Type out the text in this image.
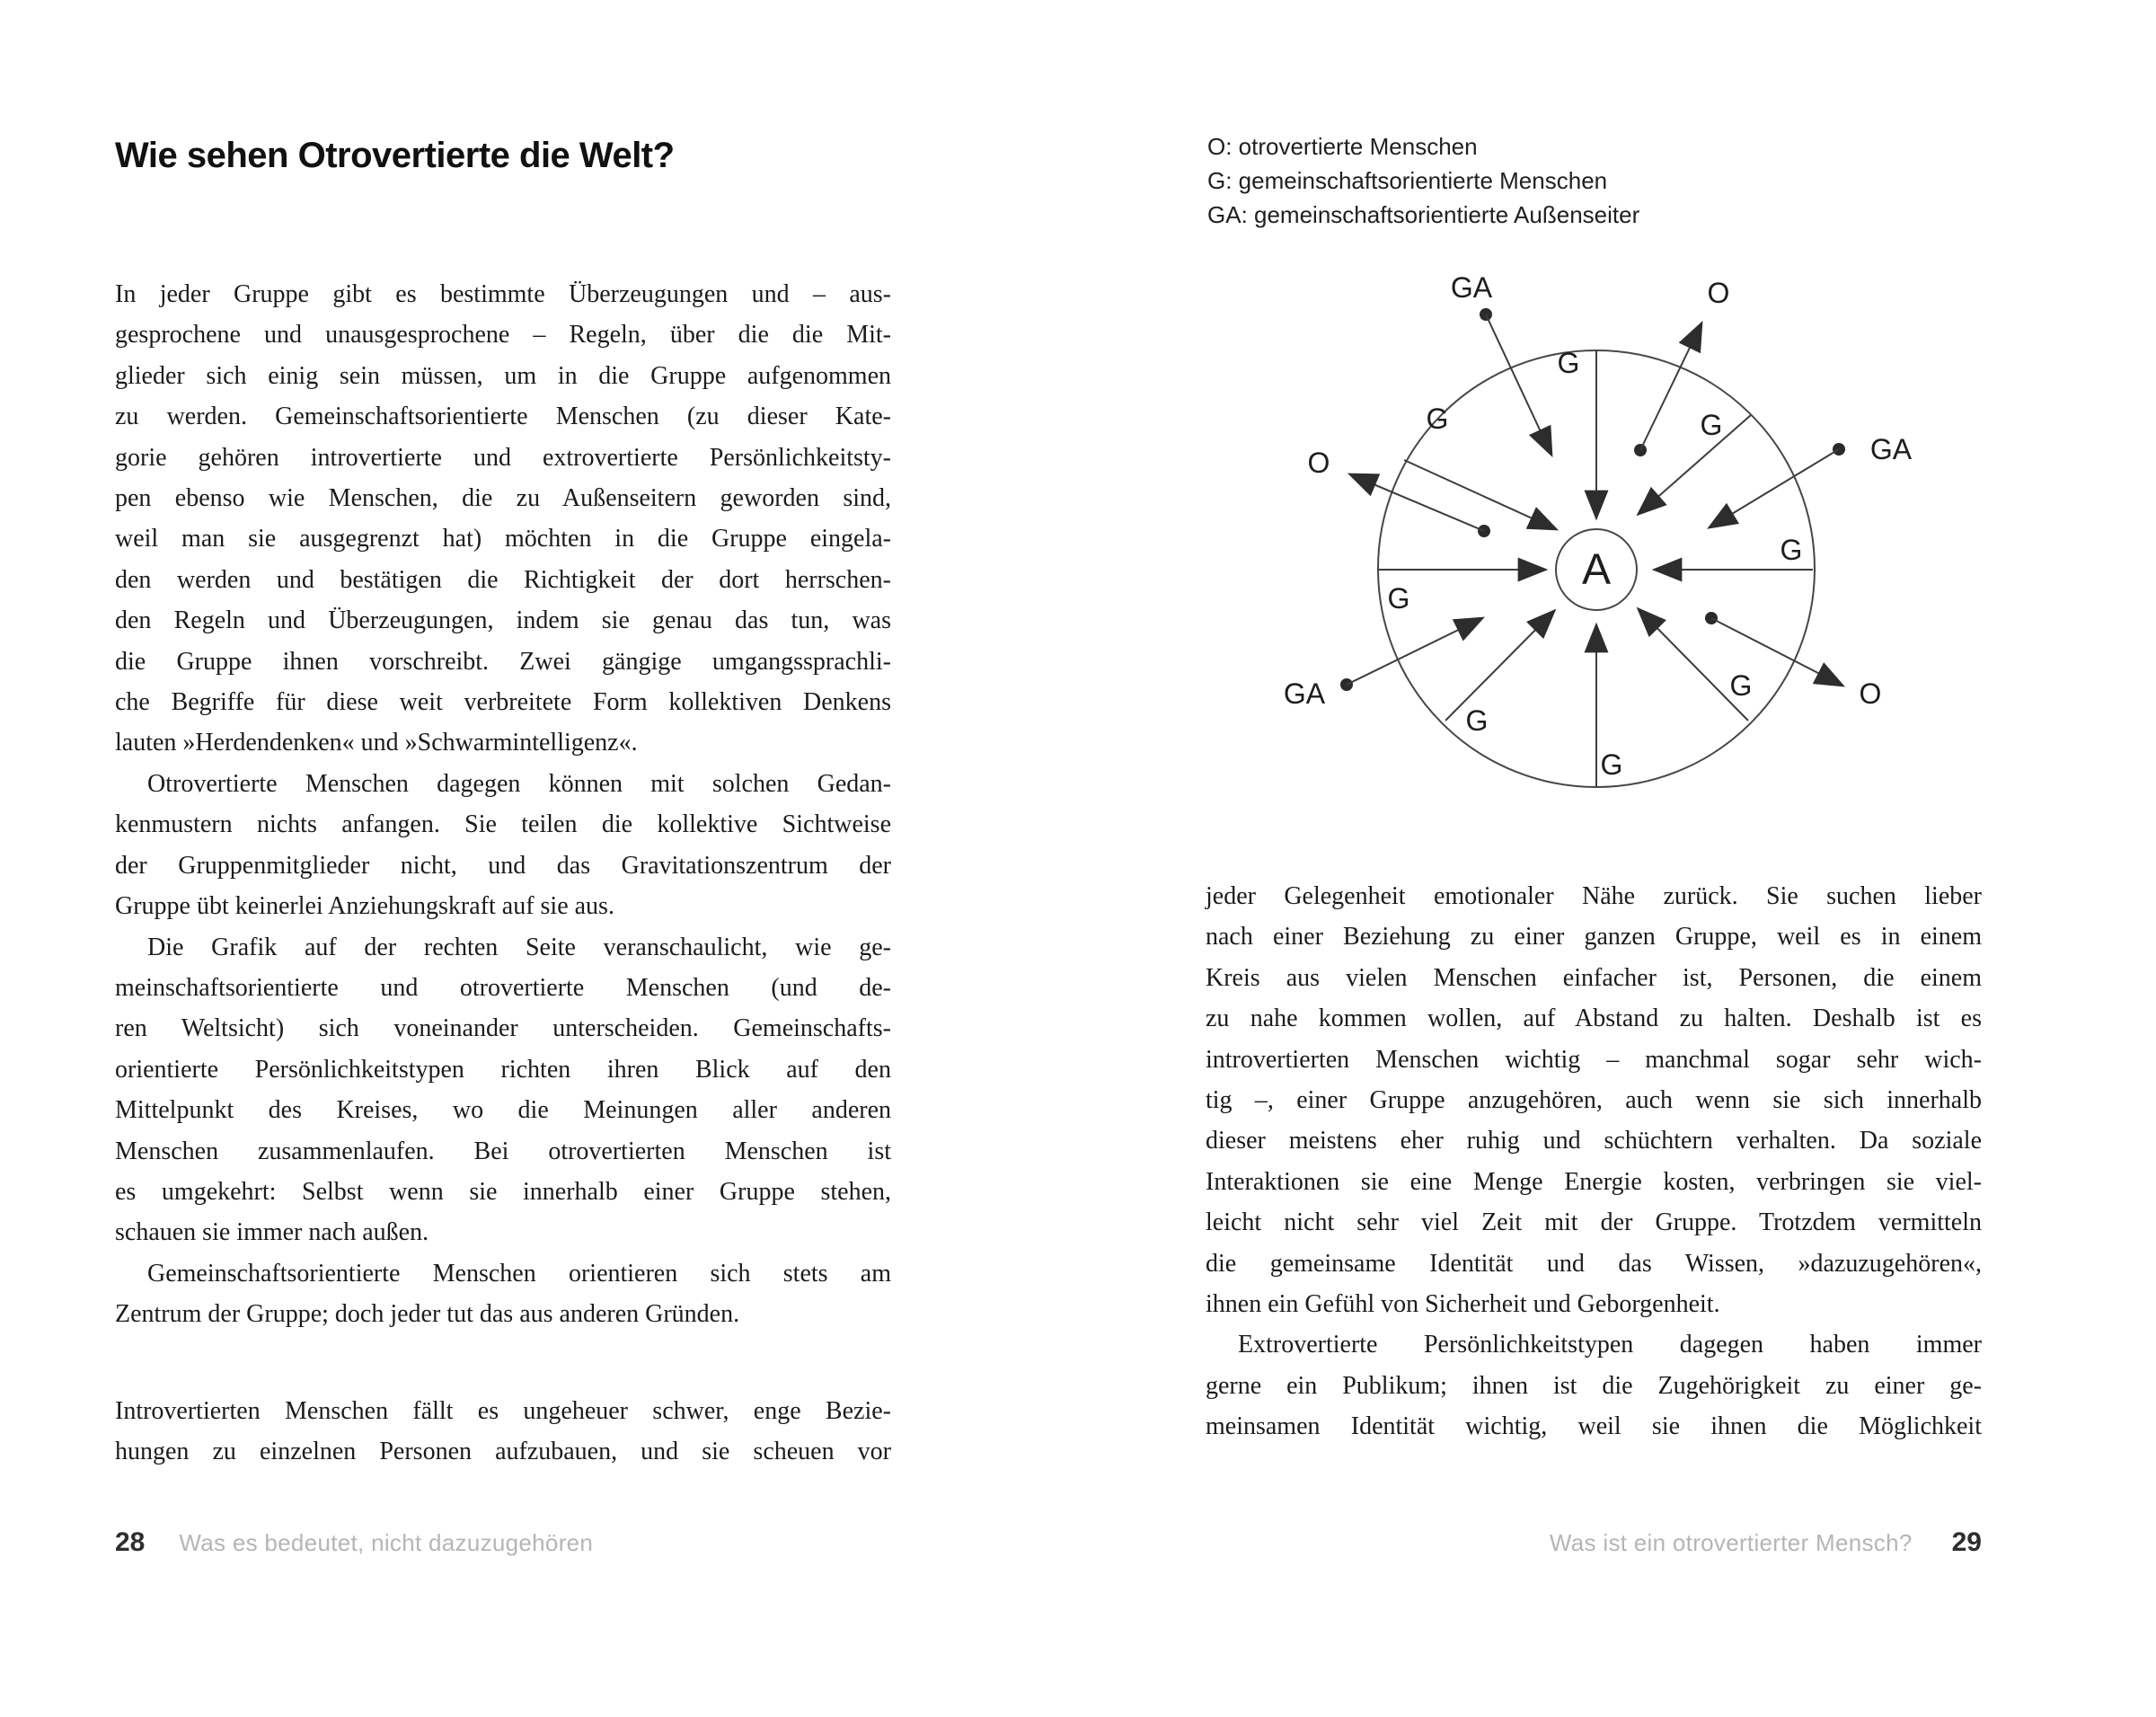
Wie sehen Otrovertierte die Welt?
In jeder Gruppe gibt es bestimmte Überzeugungen und – aus-
gesprochene und unausgesprochene – Regeln, über die die Mit-
glieder sich einig sein müssen, um in die Gruppe aufgenommen
zu werden. Gemeinschaftsorientierte Menschen (zu dieser Kate-
gorie gehören introvertierte und extrovertierte Persönlichkeitsty-
pen ebenso wie Menschen, die zu Außenseitern geworden sind,
weil man sie ausgegrenzt hat) möchten in die Gruppe eingela-
den werden und bestätigen die Richtigkeit der dort herrschen-
den Regeln und Überzeugungen, indem sie genau das tun, was
die Gruppe ihnen vorschreibt. Zwei gängige umgangssprachli-
che Begriffe für diese weit verbreitete Form kollektiven Denkens
lauten »Herdendenken« und »Schwarmintelligenz«.
Otrovertierte Menschen dagegen können mit solchen Gedan-
kenmustern nichts anfangen. Sie teilen die kollektive Sichtweise
der Gruppenmitglieder nicht, und das Gravitationszentrum der
Gruppe übt keinerlei Anziehungskraft auf sie aus.
Die Grafik auf der rechten Seite veranschaulicht, wie ge-
meinschaftsorientierte und otrovertierte Menschen (und de-
ren Weltsicht) sich voneinander unterscheiden. Gemeinschafts-
orientierte Persönlichkeitstypen richten ihren Blick auf den
Mittelpunkt des Kreises, wo die Meinungen aller anderen
Menschen zusammenlaufen. Bei otrovertierten Menschen ist
es umgekehrt: Selbst wenn sie innerhalb einer Gruppe stehen,
schauen sie immer nach außen.
Gemeinschaftsorientierte Menschen orientieren sich stets am
Zentrum der Gruppe; doch jeder tut das aus anderen Gründen.
Introvertierten Menschen fällt es ungeheuer schwer, enge Bezie-
hungen zu einzelnen Personen aufzubauen, und sie scheuen vor
28 Was es bedeutet, nicht dazuzugehören
O: otrovertierte Menschen
G: gemeinschaftsorientierte Menschen
GA: gemeinschaftsorientierte Außenseiter
A
G
G
G
G
G
G
G
G
O
O
O
GA
GA
GA
jeder Gelegenheit emotionaler Nähe zurück. Sie suchen lieber
nach einer Beziehung zu einer ganzen Gruppe, weil es in einem
Kreis aus vielen Menschen einfacher ist, Personen, die einem
zu nahe kommen wollen, auf Abstand zu halten. Deshalb ist es
introvertierten Menschen wichtig – manchmal sogar sehr wich-
tig –, einer Gruppe anzugehören, auch wenn sie sich innerhalb
dieser meistens eher ruhig und schüchtern verhalten. Da soziale
Interaktionen sie eine Menge Energie kosten, verbringen sie viel-
leicht nicht sehr viel Zeit mit der Gruppe. Trotzdem vermitteln
die gemeinsame Identität und das Wissen, »dazuzugehören«,
ihnen ein Gefühl von Sicherheit und Geborgenheit.
Extrovertierte Persönlichkeitstypen dagegen haben immer
gerne ein Publikum; ihnen ist die Zugehörigkeit zu einer ge-
meinsamen Identität wichtig, weil sie ihnen die Möglichkeit
Was ist ein otrovertierter Mensch? 29
